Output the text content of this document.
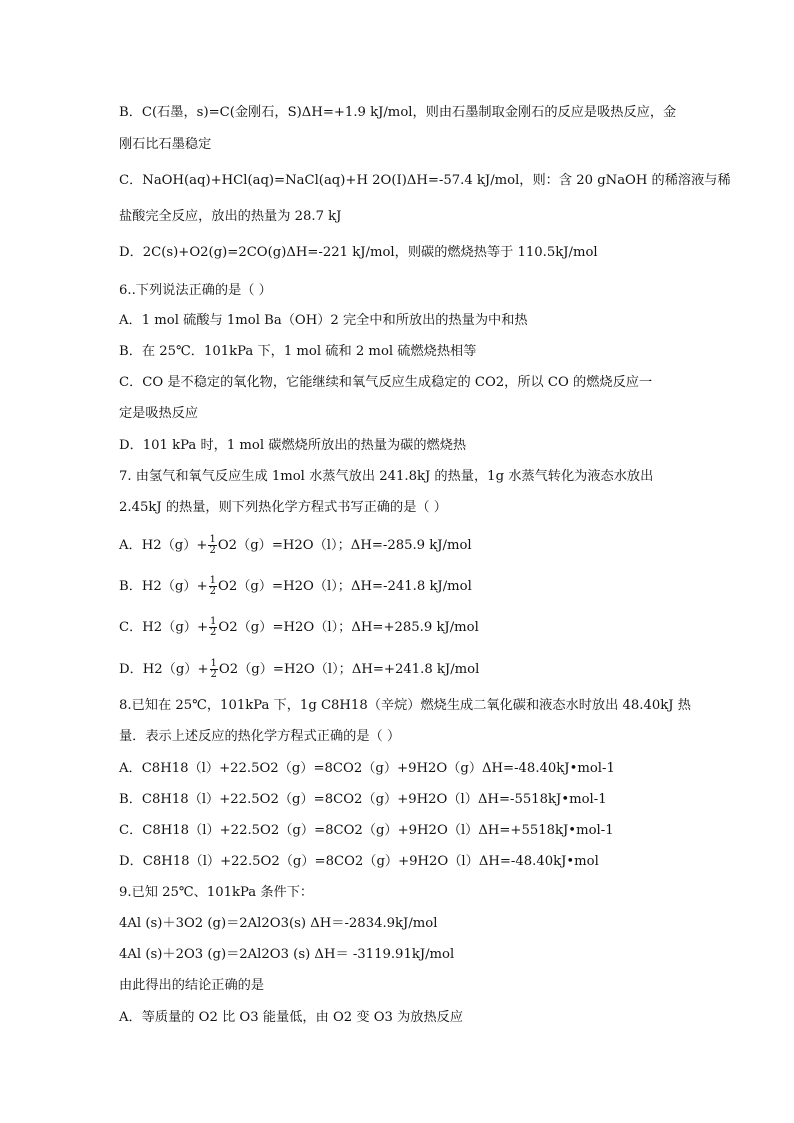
B．C(石墨，s)=C(金刚石，S)ΔH=+1.9 kJ/mol，则由石墨制取金刚石的反应是吸热反应，金
刚石比石墨稳定
C．NaOH(aq)+HCl(aq)=NaCl(aq)+H 2O(I)ΔH=-57.4 kJ/mol，则：含 20 gNaOH 的稀溶液与稀
盐酸完全反应，放出的热量为 28.7 kJ
D．2C(s)+O2(g)=2CO(g)ΔH=-221 kJ/mol，则碳的燃烧热等于 110.5kJ/mol
6..下列说法正确的是（ ）
A．1 mol 硫酸与 1mol Ba（OH）2 完全中和所放出的热量为中和热
B．在 25℃．101kPa 下，1 mol 硫和 2 mol 硫燃烧热相等
C．CO 是不稳定的氧化物，它能继续和氧气反应生成稳定的 CO2，所以 CO 的燃烧反应一
定是吸热反应
D．101 kPa 时，1 mol 碳燃烧所放出的热量为碳的燃烧热
7. 由氢气和氧气反应生成 1mol 水蒸气放出 241.8kJ 的热量，1g 水蒸气转化为液态水放出
2.45kJ 的热量，则下列热化学方程式书写正确的是（ ）
A．$H2(g)+ \frac{1}{2} O2(g)=H2O(l)$；ΔH=-285.9 kJ/mol
B．$H2(g)+ \frac{1}{2} O2(g)=H2O(l)$；ΔH=-241.8 kJ/mol
C．$H2(g)+ \frac{1}{2} O2(g)=H2O(l)$；ΔH=+285.9 kJ/mol
D．$H2(g)+ \frac{1}{2} O2(g)=H2O(l)$；ΔH=+241.8 kJ/mol
8.已知在 25℃，101kPa 下，1g C8H18（辛烷）燃烧生成二氧化碳和液态水时放出 48.40kJ 热
量．表示上述反应的热化学方程式正确的是（ ）
A．C8H18（l）+22.5O2（g）=8CO2（g）+9H2O（g）ΔH=-48.40kJ•mol-1
B．C8H18（l）+22.5O2（g）=8CO2（g）+9H2O（l）ΔH=-5518kJ•mol-1
C．C8H18（l）+22.5O2（g）=8CO2（g）+9H2O（l）ΔH=+5518kJ•mol-1
D．C8H18（l）+22.5O2（g）=8CO2（g）+9H2O（l）ΔH=-48.40kJ•mol
9.已知 25℃、101kPa 条件下：
4Al (s)＋3O2 (g)＝2Al2O3(s) ΔH＝-2834.9kJ/mol
4Al (s)＋2O3 (g)＝2Al2O3 (s) ΔH＝ -3119.91kJ/mol
由此得出的结论正确的是
A．等质量的 O2 比 O3 能量低，由 O2 变 O3 为放热反应
